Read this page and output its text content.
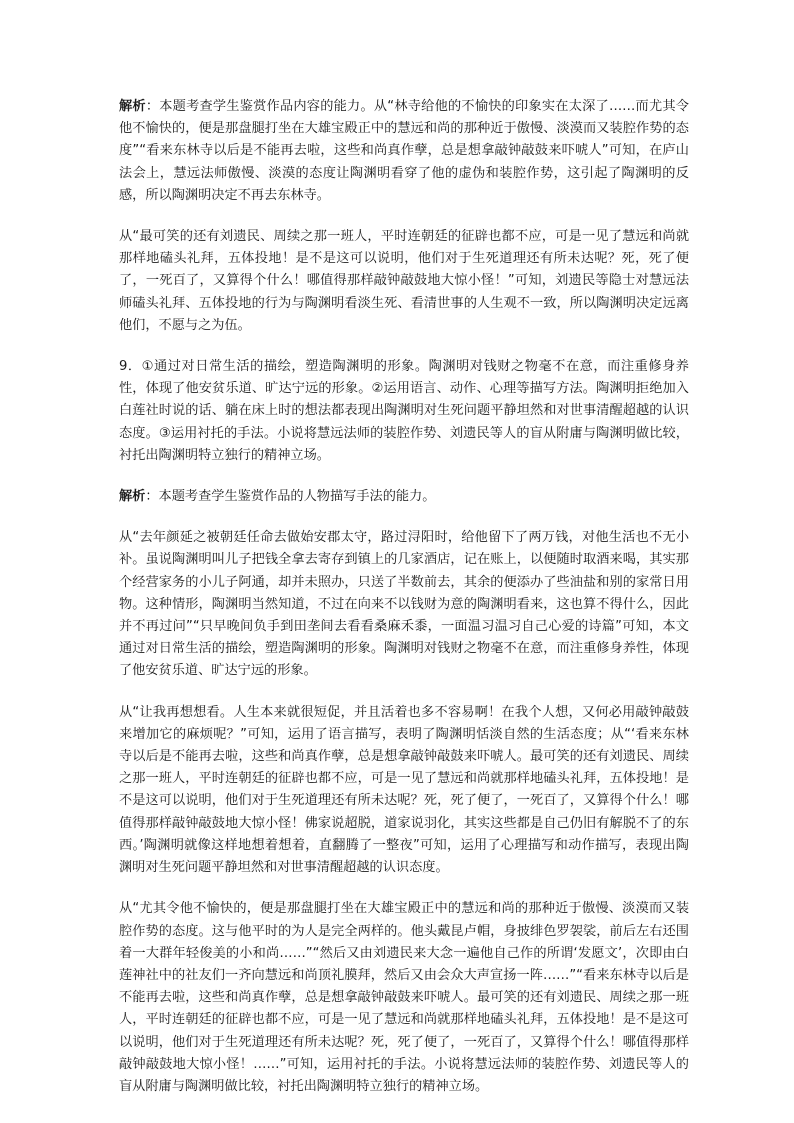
解析：本题考查学生鉴赏作品内容的能力。从“林寺给他的不愉快的印象实在太深了……而尤其令他不愉快的，便是那盘腿打坐在大雄宝殿正中的慧远和尚的那种近于傲慢、淡漠而又装腔作势的态度”“看来东林寺以后是不能再去啦，这些和尚真作孽，总是想拿敲钟敲鼓来吓唬人”可知，在庐山法会上，慧远法师傲慢、淡漠的态度让陶渊明看穿了他的虚伪和装腔作势，这引起了陶渊明的反感，所以陶渊明决定不再去东林寺。

从“最可笑的还有刘遗民、周续之那一班人，平时连朝廷的征辟也都不应，可是一见了慧远和尚就那样地磕头礼拜，五体投地！是不是这可以说明，他们对于生死道理还有所未达呢？死，死了便了，一死百了，又算得个什么！哪值得那样敲钟敲鼓地大惊小怪！”可知，刘遗民等隐士对慧远法师磕头礼拜、五体投地的行为与陶渊明看淡生死、看清世事的人生观不一致，所以陶渊明决定远离他们，不愿与之为伍。

9．①通过对日常生活的描绘，塑造陶渊明的形象。陶渊明对钱财之物毫不在意，而注重修身养性，体现了他安贫乐道、旷达宁远的形象。②运用语言、动作、心理等描写方法。陶渊明拒绝加入白莲社时说的话、躺在床上时的想法都表现出陶渊明对生死问题平静坦然和对世事清醒超越的认识态度。③运用衬托的手法。小说将慧远法师的装腔作势、刘遗民等人的盲从附庸与陶渊明做比较，衬托出陶渊明特立独行的精神立场。

解析：本题考查学生鉴赏作品的人物描写手法的能力。

从“去年颜延之被朝廷任命去做始安郡太守，路过浔阳时，给他留下了两万钱，对他生活也不无小补。虽说陶渊明叫儿子把钱全拿去寄存到镇上的几家酒店，记在账上，以便随时取酒来喝，其实那个经营家务的小儿子阿通，却并未照办，只送了半数前去，其余的便添办了些油盐和别的家常日用物。这种情形，陶渊明当然知道，不过在向来不以钱财为意的陶渊明看来，这也算不得什么，因此并不再过问”“只早晚间负手到田垄间去看看桑麻禾黍，一面温习温习自己心爱的诗篇”可知，本文通过对日常生活的描绘，塑造陶渊明的形象。陶渊明对钱财之物毫不在意，而注重修身养性，体现了他安贫乐道、旷达宁远的形象。

从“让我再想想看。人生本来就很短促，并且活着也多不容易啊！在我个人想，又何必用敲钟敲鼓来增加它的麻烦呢？”可知，运用了语言描写，表明了陶渊明恬淡自然的生活态度；从“‘看来东林寺以后是不能再去啦，这些和尚真作孽，总是想拿敲钟敲鼓来吓唬人。最可笑的还有刘遗民、周续之那一班人，平时连朝廷的征辟也都不应，可是一见了慧远和尚就那样地磕头礼拜，五体投地！是不是这可以说明，他们对于生死道理还有所未达呢？死，死了便了，一死百了，又算得个什么！哪值得那样敲钟敲鼓地大惊小怪！佛家说超脱，道家说羽化，其实这些都是自己仍旧有解脱不了的东西。’陶渊明就像这样地想着想着，直翻腾了一整夜”可知，运用了心理描写和动作描写，表现出陶渊明对生死问题平静坦然和对世事清醒超越的认识态度。

从“尤其令他不愉快的，便是那盘腿打坐在大雄宝殿正中的慧远和尚的那种近于傲慢、淡漠而又装腔作势的态度。这与他平时的为人是完全两样的。他头戴昆卢帽，身披绯色罗袈裟，前后左右还围着一大群年轻俊美的小和尚……”“然后又由刘遗民来大念一遍他自己作的所谓‘发愿文’，次即由白莲神社中的社友们一齐向慧远和尚顶礼膜拜，然后又由会众大声宣扬一阵……”“看来东林寺以后是不能再去啦，这些和尚真作孽，总是想拿敲钟敲鼓来吓唬人。最可笑的还有刘遗民、周续之那一班人，平时连朝廷的征辟也都不应，可是一见了慧远和尚就那样地磕头礼拜，五体投地！是不是这可以说明，他们对于生死道理还有所未达呢？死，死了便了，一死百了，又算得个什么！哪值得那样敲钟敲鼓地大惊小怪！……”可知，运用衬托的手法。小说将慧远法师的装腔作势、刘遗民等人的盲从附庸与陶渊明做比较，衬托出陶渊明特立独行的精神立场。
